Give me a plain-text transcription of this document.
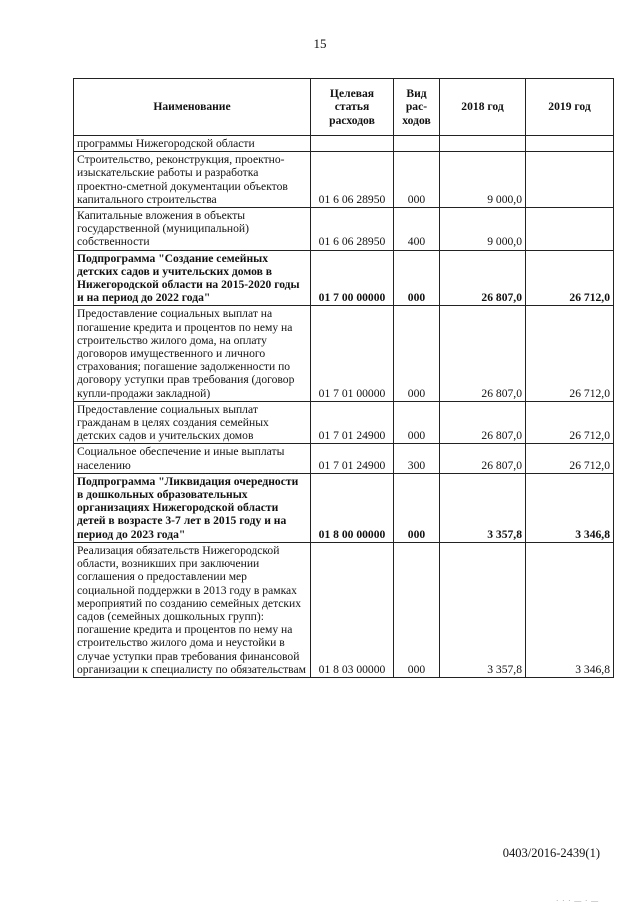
15
Наименование	Целевая статья расходов	Вид рас-ходов	2018 год	2019 год
программы Нижегородской области				
Строительство, реконструкция, проектно-изыскательские работы и разработка проектно-сметной документации объектов капитального строительства	01 6 06 28950	000	9 000,0	
Капитальные вложения в объекты государственной (муниципальной) собственности	01 6 06 28950	400	9 000,0	
Подпрограмма "Создание семейных детских садов и учительских домов в Нижегородской области на 2015-2020 годы и на период до 2022 года"	01 7 00 00000	000	26 807,0	26 712,0
Предоставление социальных выплат на погашение кредита и процентов по нему на строительство жилого дома, на оплату договоров имущественного и личного страхования; погашение задолженности по договору уступки прав требования (договор купли-продажи закладной)	01 7 01 00000	000	26 807,0	26 712,0
Предоставление социальных выплат гражданам в целях создания семейных детских садов и учительских домов	01 7 01 24900	000	26 807,0	26 712,0
Социальное обеспечение и иные выплаты населению	01 7 01 24900	300	26 807,0	26 712,0
Подпрограмма "Ликвидация очередности в дошкольных образовательных организациях Нижегородской области детей в возрасте 3-7 лет в 2015 году и на период до 2023 года"	01 8 00 00000	000	3 357,8	3 346,8
Реализация обязательств Нижегородской области, возникших при заключении соглашения о предоставлении мер социальной поддержки в 2013 году в рамках мероприятий по созданию семейных детских садов (семейных дошкольных групп): погашение кредита и процентов по нему на строительство жилого дома и неустойки в случае уступки прав требования финансовой организации к специалисту по обязательствам	01 8 03 00000	000	3 357,8	3 346,8
0403/2016-2439(1)
· · · — · —
